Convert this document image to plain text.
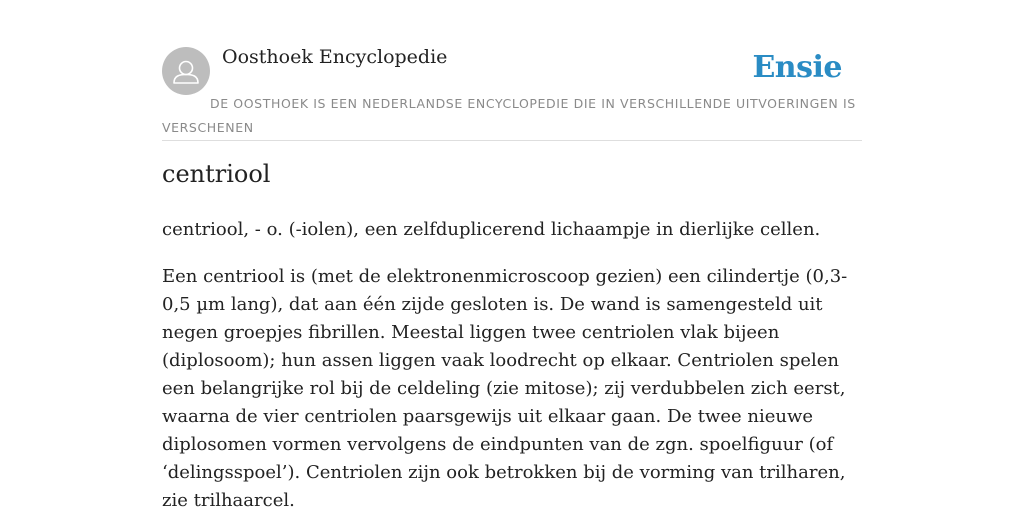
Oosthoek Encyclopedie	Ensie
DE OOSTHOEK IS EEN NEDERLANDSE ENCYCLOPEDIE DIE IN VERSCHILLENDE UITVOERINGEN IS VERSCHENEN
centriool

centriool, - o. (-iolen), een zelfduplicerend lichaampje in dierlijke cellen.

Een centriool is (met de elektronenmicroscoop gezien) een cilindertje (0,3-0,5 µm lang), dat aan één zijde gesloten is. De wand is samengesteld uit negen groepjes fibrillen. Meestal liggen twee centriolen vlak bijeen (diplosoom); hun assen liggen vaak loodrecht op elkaar. Centriolen spelen een belangrijke rol bij de celdeling (zie mitose); zij verdubbelen zich eerst, waarna de vier centriolen paarsgewijs uit elkaar gaan. De twee nieuwe diplosomen vormen vervolgens de eindpunten van de zgn. spoelfiguur (of ‘delingsspoel’). Centriolen zijn ook betrokken bij de vorming van trilharen, zie trilhaarcel.
